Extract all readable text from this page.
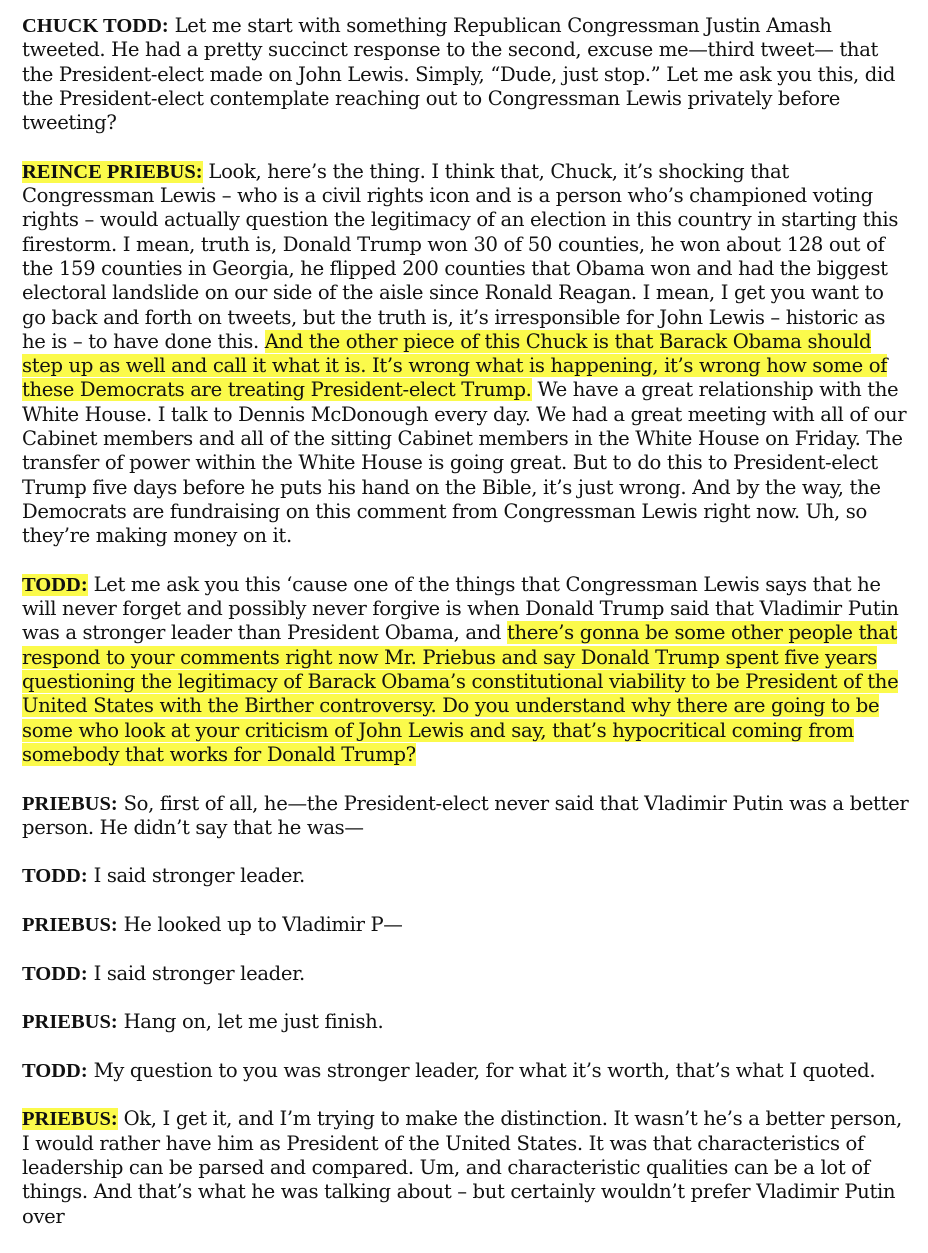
CHUCK TODD: Let me start with something Republican Congressman Justin Amash tweeted. He had a pretty succinct response to the second, excuse me—third tweet— that the President-elect made on John Lewis. Simply, “Dude, just stop.” Let me ask you this, did the President-elect contemplate reaching out to Congressman Lewis privately before tweeting?

REINCE PRIEBUS: Look, here’s the thing. I think that, Chuck, it’s shocking that Congressman Lewis – who is a civil rights icon and is a person who’s championed voting rights – would actually question the legitimacy of an election in this country in starting this firestorm. I mean, truth is, Donald Trump won 30 of 50 counties, he won about 128 out of the 159 counties in Georgia, he flipped 200 counties that Obama won and had the biggest electoral landslide on our side of the aisle since Ronald Reagan. I mean, I get you want to go back and forth on tweets, but the truth is, it’s irresponsible for John Lewis – historic as he is – to have done this. And the other piece of this Chuck is that Barack Obama should step up as well and call it what it is. It’s wrong what is happening, it’s wrong how some of these Democrats are treating President-elect Trump. We have a great relationship with the White House. I talk to Dennis McDonough every day. We had a great meeting with all of our Cabinet members and all of the sitting Cabinet members in the White House on Friday. The transfer of power within the White House is going great. But to do this to President-elect Trump five days before he puts his hand on the Bible, it’s just wrong. And by the way, the Democrats are fundraising on this comment from Congressman Lewis right now. Uh, so they’re making money on it.

TODD: Let me ask you this ‘cause one of the things that Congressman Lewis says that he will never forget and possibly never forgive is when Donald Trump said that Vladimir Putin was a stronger leader than President Obama, and there’s gonna be some other people that respond to your comments right now Mr. Priebus and say Donald Trump spent five years questioning the legitimacy of Barack Obama’s constitutional viability to be President of the United States with the Birther controversy. Do you understand why there are going to be some who look at your criticism of John Lewis and say, that’s hypocritical coming from somebody that works for Donald Trump?

PRIEBUS: So, first of all, he—the President-elect never said that Vladimir Putin was a better person. He didn’t say that he was—

TODD: I said stronger leader.

PRIEBUS: He looked up to Vladimir P—

TODD: I said stronger leader.

PRIEBUS: Hang on, let me just finish.

TODD: My question to you was stronger leader, for what it’s worth, that’s what I quoted.

PRIEBUS: Ok, I get it, and I’m trying to make the distinction. It wasn’t he’s a better person, I would rather have him as President of the United States. It was that characteristics of leadership can be parsed and compared. Um, and characteristic qualities can be a lot of things. And that’s what he was talking about – but certainly wouldn’t prefer Vladimir Putin over
